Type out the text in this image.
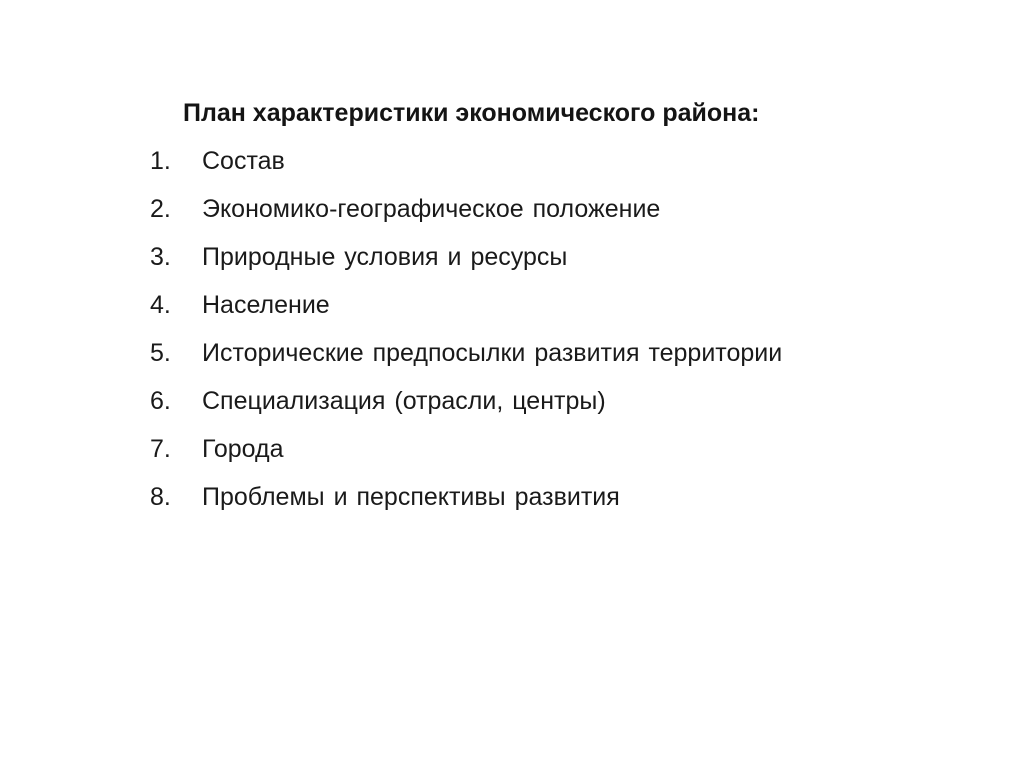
План характеристики экономического района:
1.	Состав
2.	Экономико-географическое положение
3.	Природные условия и ресурсы
4.	Население
5.	Исторические предпосылки развития территории
6.	Специализация (отрасли, центры)
7.	Города
8.	Проблемы и перспективы развития
